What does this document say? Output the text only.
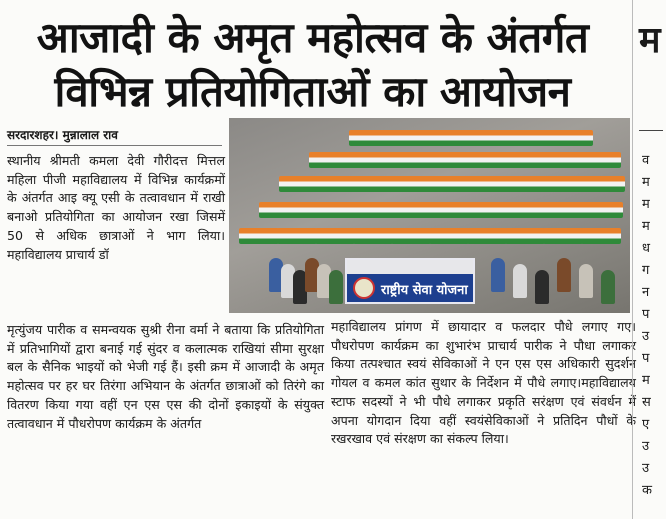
आजादी के अमृत महोत्सव के अंतर्गत
विभिन्न प्रतियोगिताओं का आयोजन
सरदारशहर। मुन्नालाल राव
राष्ट्रीय सेवा योजना
स्थानीय श्रीमती कमला देवी गौरीदत्त मित्तल महिला पीजी महाविद्यालय में विभिन्न कार्यक्रमों के अंतर्गत आइ क्यू एसी के तत्वावधान में राखी बनाओ प्रतियोगिता का आयोजन रखा जिसमें 50 से अधिक छात्राओं ने भाग लिया। महाविद्यालय प्राचार्य डॉ
मृत्युंजय पारीक व समन्वयक सुश्री रीना वर्मा ने बताया कि प्रतियोगिता में प्रतिभागियों द्वारा बनाई गई सुंदर व कलात्मक राखियां सीमा सुरक्षा बल के सैनिक भाइयों को भेजी गई हैं। इसी क्रम में आजादी के अमृत महोत्सव पर हर घर तिरंगा अभियान के अंतर्गत छात्राओं को तिरंगे का वितरण किया गया वहीं एन एस एस की दोनों इकाइयों के संयुक्त तत्वावधान में पौधरोपण कार्यक्रम के अंतर्गत
महाविद्यालय प्रांगण में छायादार व फलदार पौधे लगाए गए। पौधरोपण कार्यक्रम का शुभारंभ प्राचार्य पारीक ने पौधा लगाकर किया तत्पश्चात स्वयं सेविकाओं ने एन एस एस अधिकारी सुदर्शन गोयल व कमल कांत सुथार के निर्देशन में पौधे लगाए।महाविद्यालय स्टाफ सदस्यों ने भी पौधे लगाकर प्रकृति सरंक्षण एवं संवर्धन में अपना योगदान दिया वहीं स्वयंसेविकाओं ने प्रतिदिन पौधों के रखरखाव एवं संरक्षण का संकल्प लिया।
म
व
म
म
म
ध
ग
न
प
उ
प
म
स
ए
उ
उ
क
